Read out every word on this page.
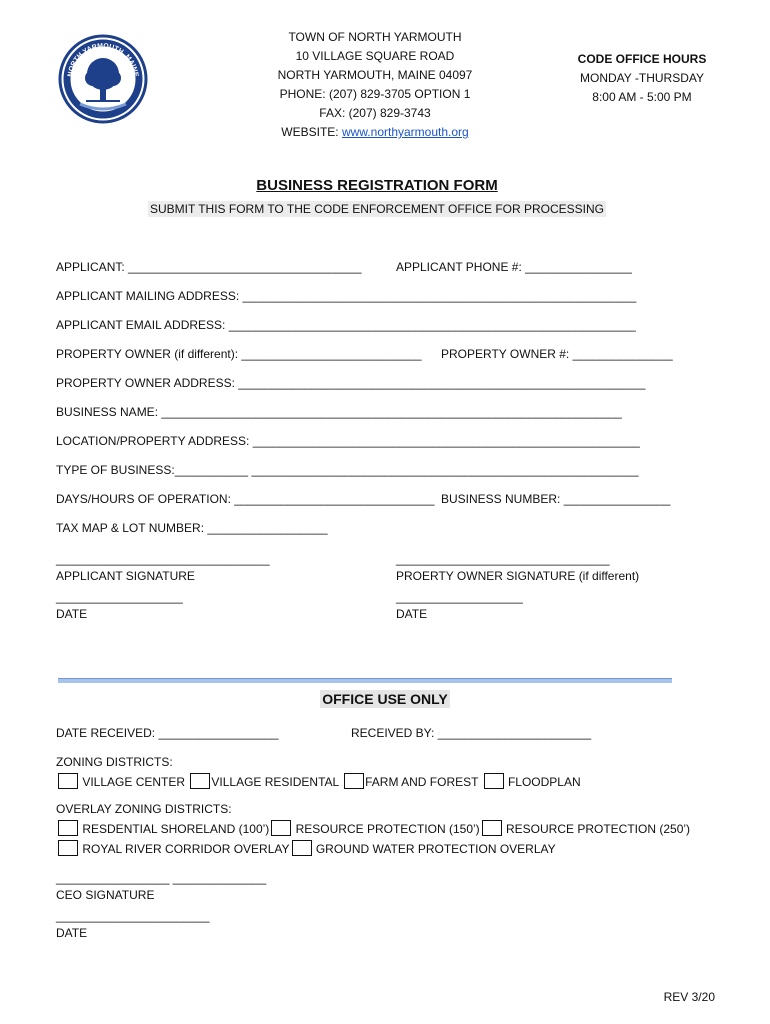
NORTH YARMOUTH, MAINE
TOWN OF NORTH YARMOUTH
10 VILLAGE SQUARE ROAD
NORTH YARMOUTH, MAINE 04097
PHONE: (207) 829-3705 OPTION 1
FAX: (207) 829-3743
WEBSITE: www.northyarmouth.org
CODE OFFICE HOURS
MONDAY -THURSDAY
8:00 AM - 5:00 PM
BUSINESS REGISTRATION FORM
SUBMIT THIS FORM TO THE CODE ENFORCEMENT OFFICE FOR PROCESSING
APPLICANT: ___________________________________	APPLICANT PHONE #: ________________
APPLICANT MAILING ADDRESS: ___________________________________________________________
APPLICANT EMAIL ADDRESS: _____________________________________________________________
PROPERTY OWNER (if different): ___________________________ PROPERTY OWNER #: _______________
PROPERTY OWNER ADDRESS: _____________________________________________________________
BUSINESS NAME: _____________________________________________________________________
LOCATION/PROPERTY ADDRESS: __________________________________________________________
TYPE OF BUSINESS:___________ __________________________________________________________
DAYS/HOURS OF OPERATION: ______________________________ BUSINESS NUMBER: ________________
TAX MAP & LOT NUMBER: __________________
________________________________
APPLICANT SIGNATURE
________________________________
PROERTY OWNER SIGNATURE (if different)
___________________
DATE
___________________
DATE
OFFICE USE ONLY
DATE RECEIVED: __________________	RECEIVED BY: _______________________
ZONING DISTRICTS:
VILLAGE CENTER VILLAGE RESIDENTAL FARM AND FOREST FLOODPLAN
OVERLAY ZONING DISTRICTS:
RESDENTIAL SHORELAND (100’) RESOURCE PROTECTION (150’) RESOURCE PROTECTION (250’)
ROYAL RIVER CORRIDOR OVERLAY GROUND WATER PROTECTION OVERLAY
_________________ ______________
CEO SIGNATURE
_______________________
DATE
REV 3/20
